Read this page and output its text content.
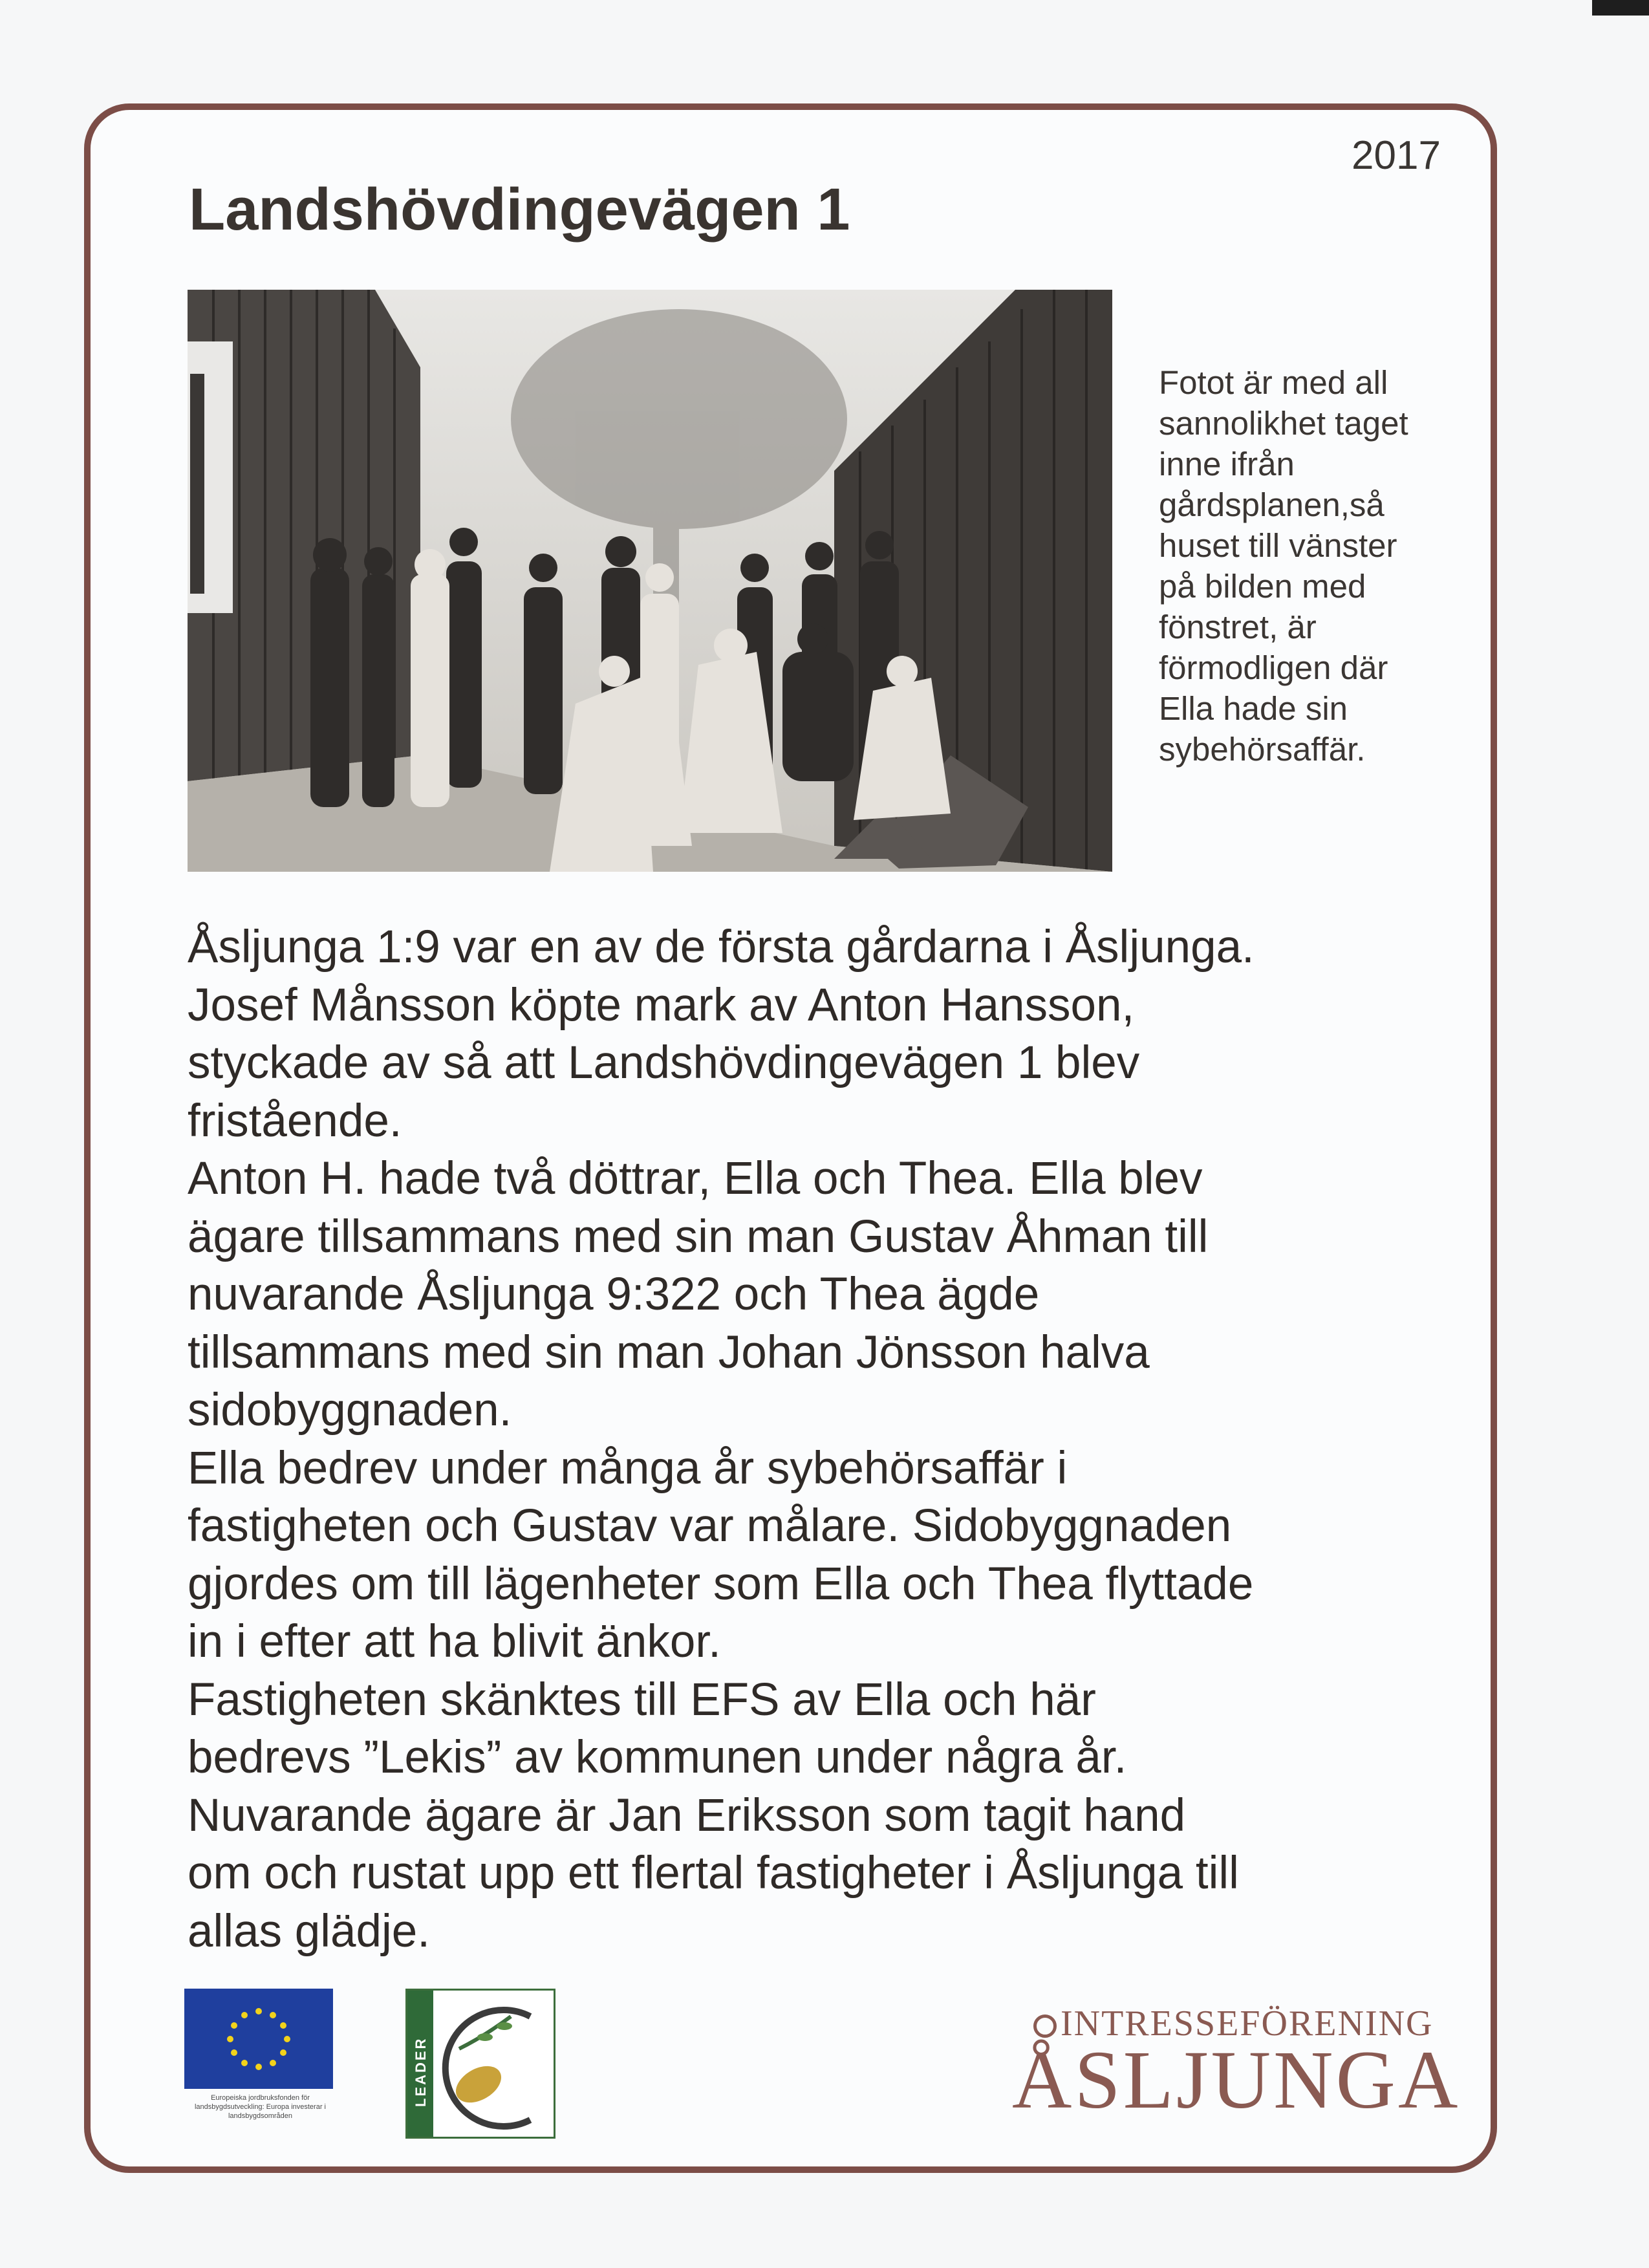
2017
Landshövdingevägen 1
Fotot är med all
sannolikhet taget
inne ifrån
gårdsplanen,så
huset till vänster
på bilden med
fönstret, är
förmodligen där
Ella hade sin
sybehörsaffär.

Åsljunga 1:9 var en av de första gårdarna i Åsljunga.

Josef Månsson köpte mark av Anton Hansson,

styckade av så att Landshövdingevägen 1 blev

fristående.

Anton H. hade två döttrar, Ella och Thea. Ella blev

ägare tillsammans med sin man Gustav Åhman till

nuvarande Åsljunga 9:322 och Thea ägde

tillsammans med sin man Johan Jönsson halva

sidobyggnaden.

Ella bedrev under många år sybehörsaffär i

fastigheten och Gustav var målare. Sidobyggnaden

gjordes om till lägenheter som Ella och Thea flyttade

in i efter att ha blivit änkor.

Fastigheten skänktes till EFS av Ella och här

bedrevs ”Lekis” av kommunen under några år.

Nuvarande ägare är Jan Eriksson som tagit hand

om och rustat upp ett flertal fastigheter i Åsljunga till

allas glädje.

Europeiska jordbruksfonden för landsbygdsutveckling: Europa investerar i landsbygdsområden
LEADER
INTRESSEFÖRENING
ÅSLJUNGA
